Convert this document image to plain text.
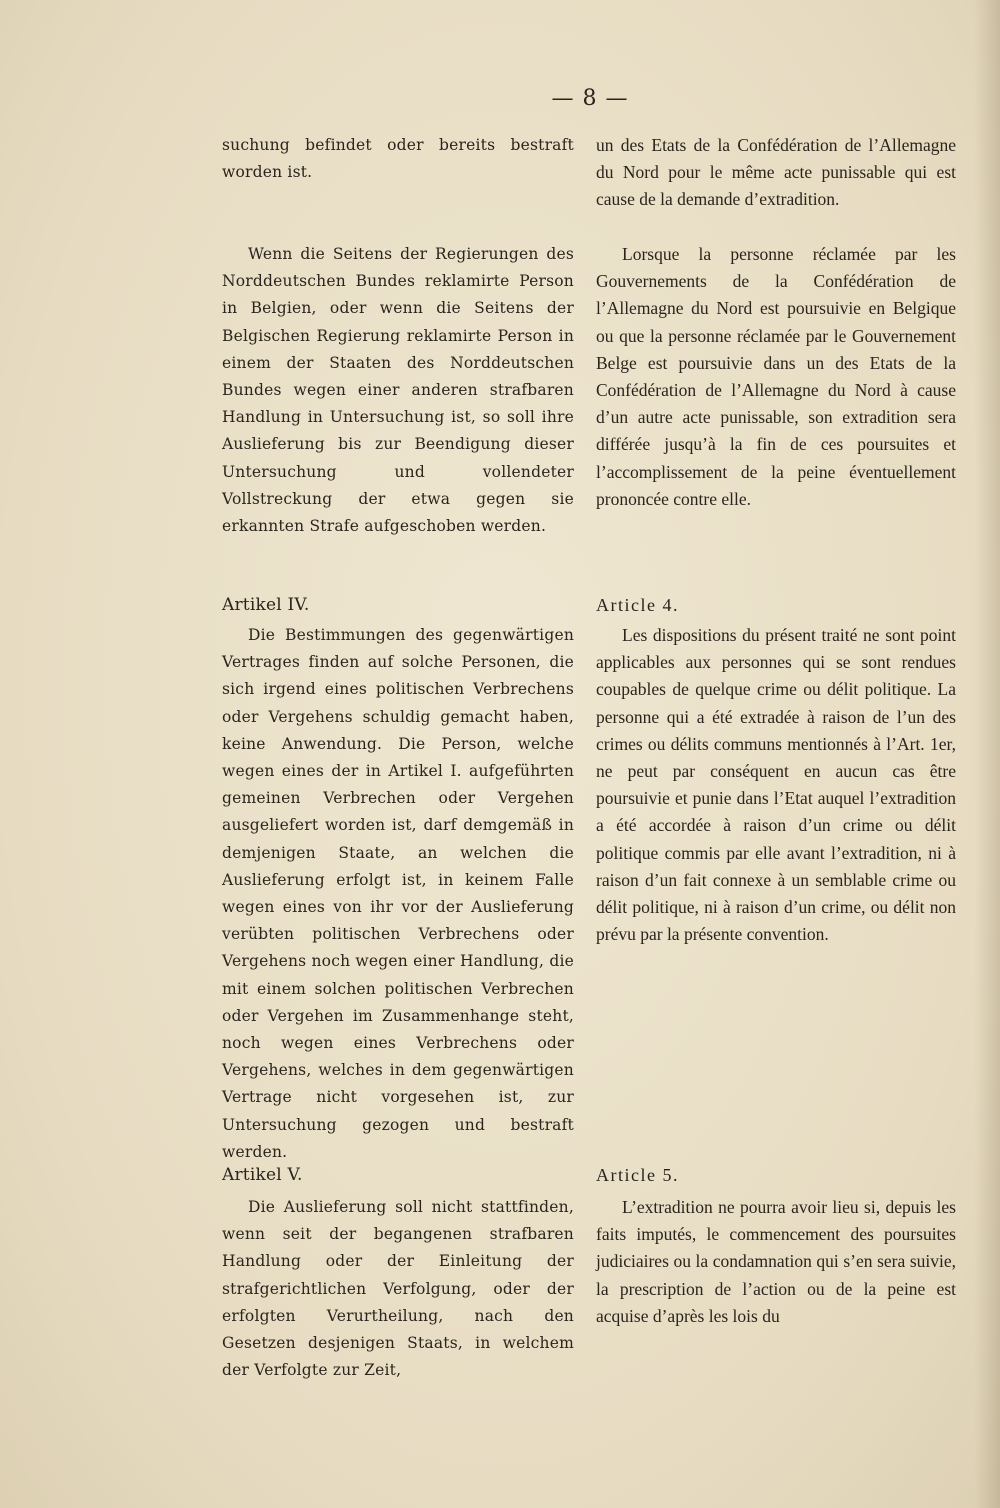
— 8 —

suchung befindet oder bereits bestraft worden ist.

Wenn die Seitens der Regierungen des Norddeutschen Bundes reklamirte Person in Belgien, oder wenn die Seitens der Belgischen Regierung reklamirte Person in einem der Staaten des Norddeutschen Bundes wegen einer anderen strafbaren Handlung in Untersuchung ist, so soll ihre Auslieferung bis zur Beendigung dieser Untersuchung und vollendeter Vollstreckung der etwa gegen sie erkannten Strafe aufgeschoben werden.

Artikel IV.

Die Bestimmungen des gegenwärtigen Vertrages finden auf solche Personen, die sich irgend eines politischen Verbrechens oder Vergehens schuldig gemacht haben, keine Anwendung. Die Person, welche wegen eines der in Artikel I. aufgeführten gemeinen Verbrechen oder Vergehen ausgeliefert worden ist, darf demgemäß in demjenigen Staate, an welchen die Auslieferung erfolgt ist, in keinem Falle wegen eines von ihr vor der Auslieferung verübten politischen Verbrechens oder Vergehens noch wegen einer Handlung, die mit einem solchen politischen Verbrechen oder Vergehen im Zusammenhange steht, noch wegen eines Verbrechens oder Vergehens, welches in dem gegenwärtigen Vertrage nicht vorgesehen ist, zur Untersuchung gezogen und bestraft werden.

Artikel V.

Die Auslieferung soll nicht stattfinden, wenn seit der begangenen strafbaren Handlung oder der Einleitung der strafgerichtlichen Verfolgung, oder der erfolgten Verurtheilung, nach den Gesetzen desjenigen Staats, in welchem der Verfolgte zur Zeit,

un des Etats de la Confédération de l’Allemagne du Nord pour le même acte punissable qui est cause de la demande d’extradition.

Lorsque la personne réclamée par les Gouvernements de la Confédération de l’Allemagne du Nord est poursuivie en Belgique ou que la personne réclamée par le Gouvernement Belge est poursuivie dans un des Etats de la Confédération de l’Allemagne du Nord à cause d’un autre acte punissable, son extradition sera différée jusqu’à la fin de ces poursuites et l’accomplissement de la peine éventuellement prononcée contre elle.

Article 4.

Les dispositions du présent traité ne sont point applicables aux personnes qui se sont rendues coupables de quelque crime ou délit politique. La personne qui a été extradée à raison de l’un des crimes ou délits communs mentionnés à l’Art. 1er, ne peut par conséquent en aucun cas être poursuivie et punie dans l’Etat auquel l’extradition a été accordée à raison d’un crime ou délit politique commis par elle avant l’extradition, ni à raison d’un fait connexe à un semblable crime ou délit politique, ni à raison d’un crime, ou délit non prévu par la présente convention.

Article 5.

L’extradition ne pourra avoir lieu si, depuis les faits imputés, le commencement des poursuites judiciaires ou la condamnation qui s’en sera suivie, la prescription de l’action ou de la peine est acquise d’après les lois du
